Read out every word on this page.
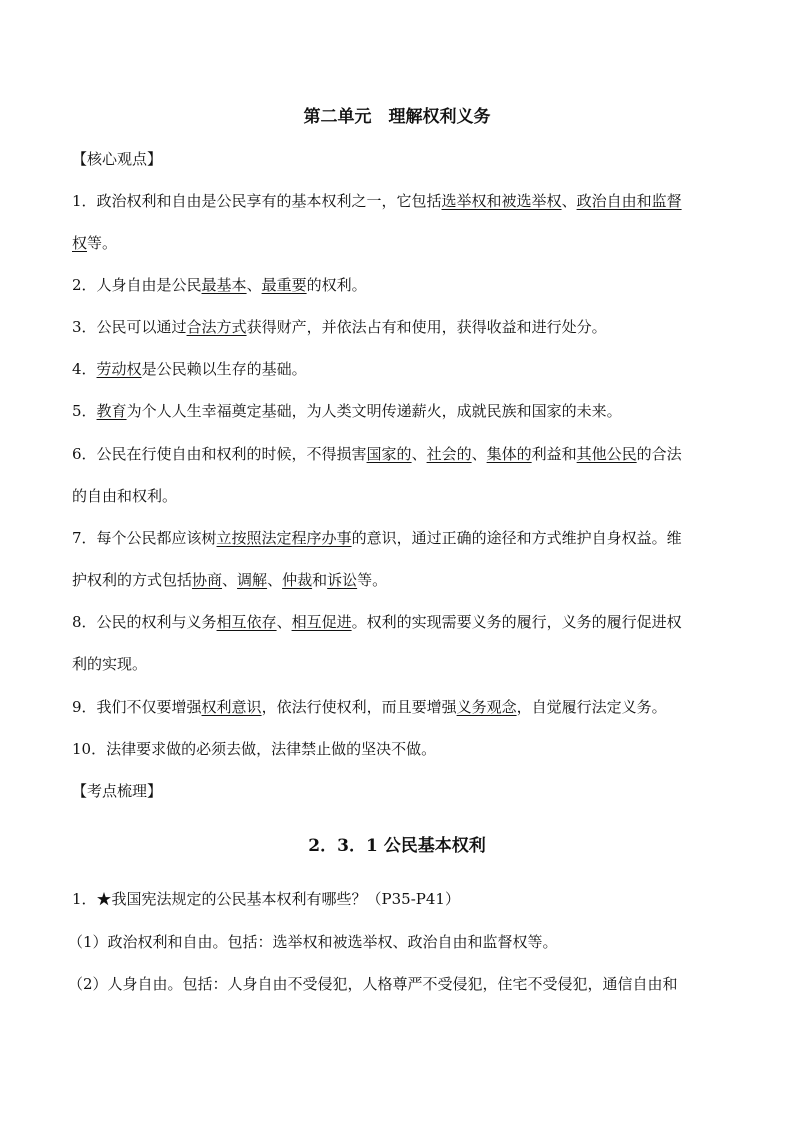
第二单元　理解权利义务
【核心观点】
1．政治权利和自由是公民享有的基本权利之一，它包括选举权和被选举权、政治自由和监督
权等。
2．人身自由是公民最基本、最重要的权利。
3．公民可以通过合法方式获得财产，并依法占有和使用，获得收益和进行处分。
4．劳动权是公民赖以生存的基础。
5．教育为个人人生幸福奠定基础，为人类文明传递薪火，成就民族和国家的未来。
6．公民在行使自由和权利的时候，不得损害国家的、社会的、集体的利益和其他公民的合法
的自由和权利。
7．每个公民都应该树立按照法定程序办事的意识，通过正确的途径和方式维护自身权益。维
护权利的方式包括协商、调解、仲裁和诉讼等。
8．公民的权利与义务相互依存、相互促进。权利的实现需要义务的履行，义务的履行促进权
利的实现。
9．我们不仅要增强权利意识，依法行使权利，而且要增强义务观念，自觉履行法定义务。
10．法律要求做的必须去做，法律禁止做的坚决不做。
【考点梳理】
2．3．1 公民基本权利
1．★我国宪法规定的公民基本权利有哪些？（P35-P41）
（1）政治权利和自由。包括：选举权和被选举权、政治自由和监督权等。
（2）人身自由。包括：人身自由不受侵犯，人格尊严不受侵犯，住宅不受侵犯，通信自由和
